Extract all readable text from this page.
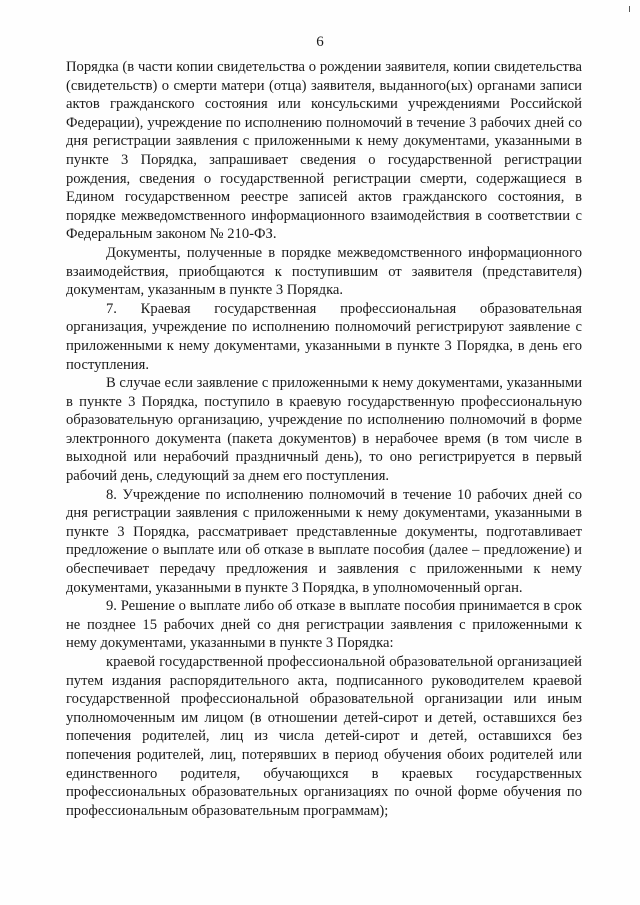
6

Порядка (в части копии свидетельства о рождении заявителя, копии свидетельства (свидетельств) о смерти матери (отца) заявителя, выданного(ых) органами записи актов гражданского состояния или консульскими учреждениями Российской Федерации), учреждение по исполнению полномочий в течение 3 рабочих дней со дня регистрации заявления с приложенными к нему документами, указанными в пункте 3 Порядка, запрашивает сведения о государственной регистрации рождения, сведения о государственной регистрации смерти, содержащиеся в Едином государственном реестре записей актов гражданского состояния, в порядке межведомственного информационного взаимодействия в соответствии с Федеральным законом № 210-ФЗ.

Документы, полученные в порядке межведомственного информационного взаимодействия, приобщаются к поступившим от заявителя (представителя) документам, указанным в пункте 3 Порядка.

7. Краевая государственная профессиональная образовательная организация, учреждение по исполнению полномочий регистрируют заявление с приложенными к нему документами, указанными в пункте 3 Порядка, в день его поступления.

В случае если заявление с приложенными к нему документами, указанными в пункте 3 Порядка, поступило в краевую государственную профессиональную образовательную организацию, учреждение по исполнению полномочий в форме электронного документа (пакета документов) в нерабочее время (в том числе в выходной или нерабочий праздничный день), то оно регистрируется в первый рабочий день, следующий за днем его поступления.

8. Учреждение по исполнению полномочий в течение 10 рабочих дней со дня регистрации заявления с приложенными к нему документами, указанными в пункте 3 Порядка, рассматривает представленные документы, подготавливает предложение о выплате или об отказе в выплате пособия (далее – предложение) и обеспечивает передачу предложения и заявления с приложенными к нему документами, указанными в пункте 3 Порядка, в уполномоченный орган.

9. Решение о выплате либо об отказе в выплате пособия принимается в срок не позднее 15 рабочих дней со дня регистрации заявления с приложенными к нему документами, указанными в пункте 3 Порядка:

краевой государственной профессиональной образовательной организацией путем издания распорядительного акта, подписанного руководителем краевой государственной профессиональной образовательной организации или иным уполномоченным им лицом (в отношении детей-сирот и детей, оставшихся без попечения родителей, лиц из числа детей-сирот и детей, оставшихся без попечения родителей, лиц, потерявших в период обучения обоих родителей или единственного родителя, обучающихся в краевых государственных профессиональных образовательных организациях по очной форме обучения по профессиональным образовательным программам);
